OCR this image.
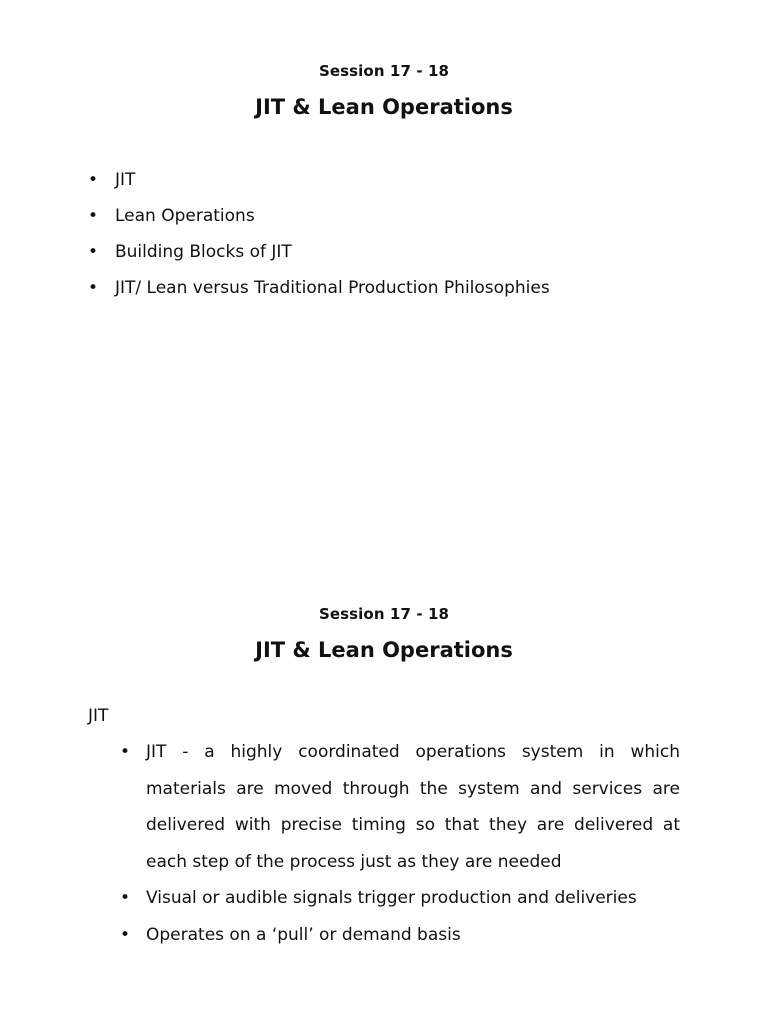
Session 17 - 18
JIT & Lean Operations
• JIT
• Lean Operations
• Building Blocks of JIT
• JIT/ Lean versus Traditional Production Philosophies
Session 17 - 18
JIT & Lean Operations
JIT
• JIT - a highly coordinated operations system in which materials are moved through the system and services are delivered with precise timing so that they are delivered at each step of the process just as they are needed
• Visual or audible signals trigger production and deliveries
• Operates on a ‘pull’ or demand basis
